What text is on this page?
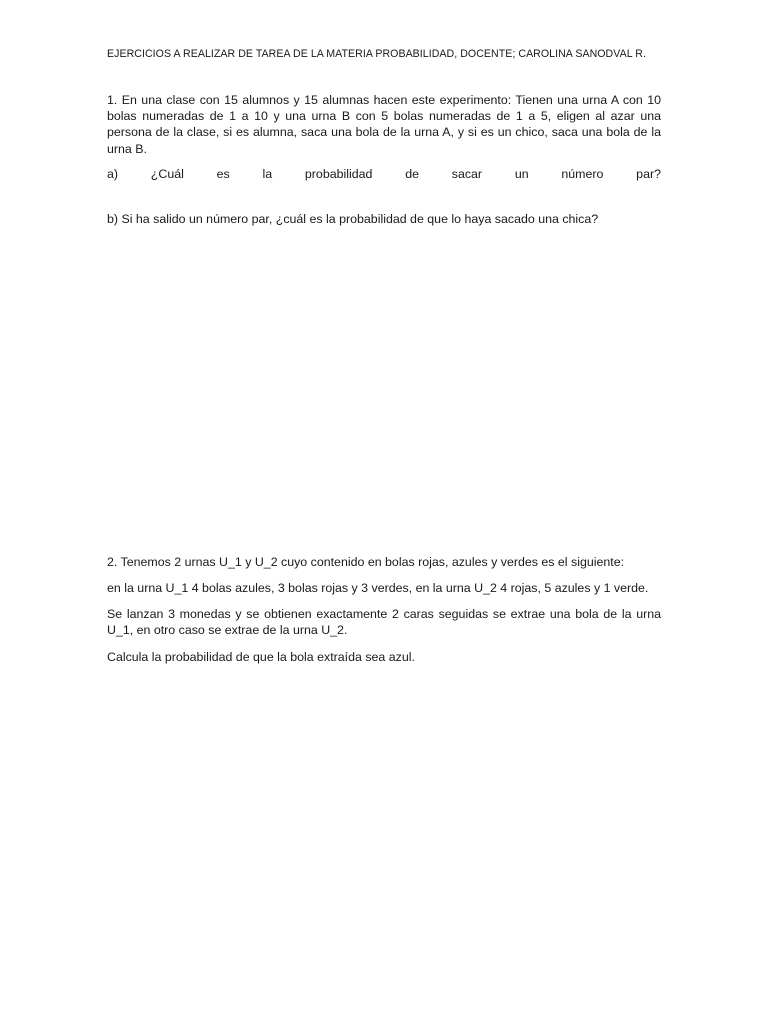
EJERCICIOS A REALIZAR DE TAREA DE LA MATERIA PROBABILIDAD, DOCENTE; CAROLINA SANODVAL R.

1. En una clase con 15 alumnos y 15 alumnas hacen este experimento: Tienen una urna A con 10 bolas numeradas de 1 a 10 y una urna B con 5 bolas numeradas de 1 a 5, eligen al azar una persona de la clase, si es alumna, saca una bola de la urna A, y si es un chico, saca una bola de la urna B.

a)	¿Cuál	es	la	probabilidad	de	sacar	un	número	par?

b) Si ha salido un número par, ¿cuál es la probabilidad de que lo haya sacado una chica?

2. Tenemos 2 urnas U_1 y U_2 cuyo contenido en bolas rojas, azules y verdes es el siguiente:

en la urna U_1 4 bolas azules, 3 bolas rojas y 3 verdes, en la urna U_2 4 rojas, 5 azules y 1 verde.

Se lanzan 3 monedas y se obtienen exactamente 2 caras seguidas se extrae una bola de la urna U_1, en otro caso se extrae de la urna U_2.

Calcula la probabilidad de que la bola extraída sea azul.
